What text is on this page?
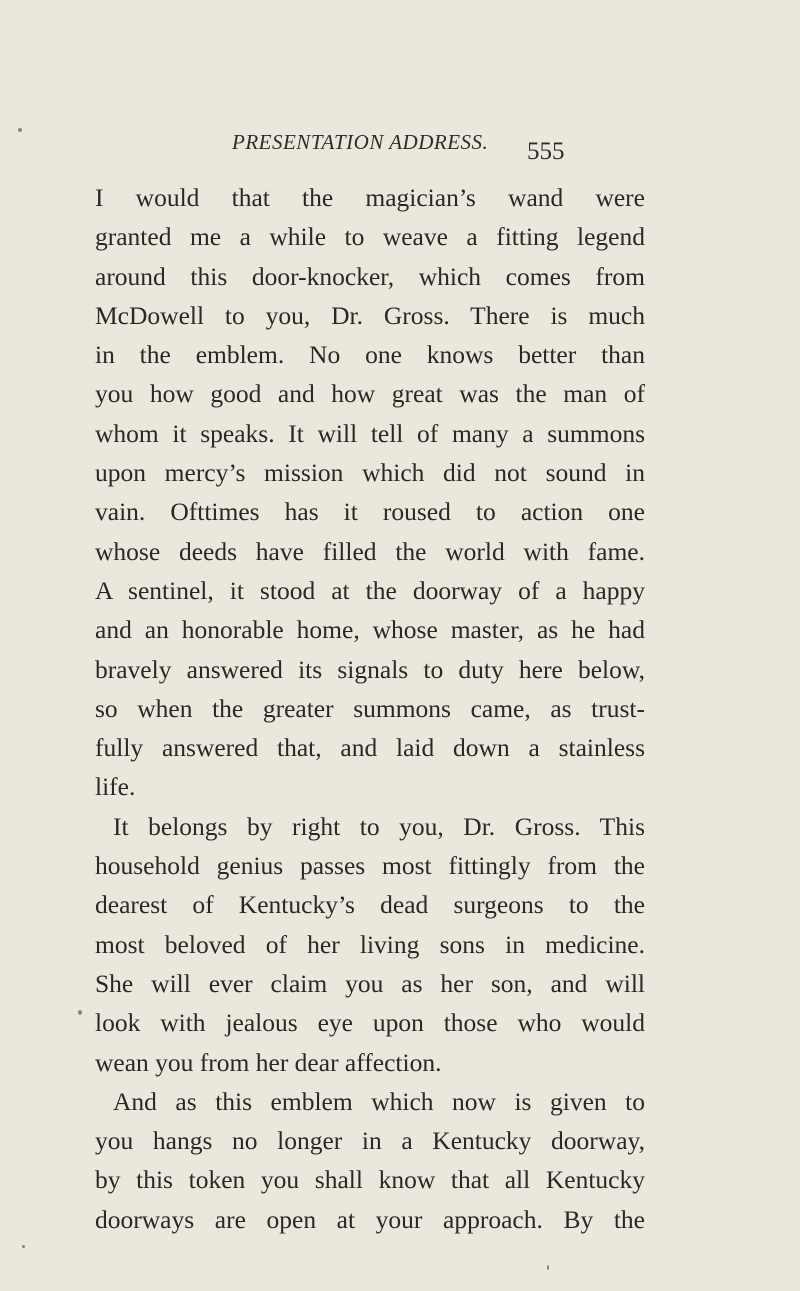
PRESENTATION ADDRESS. 555
I would that the magician’s wand were
granted me a while to weave a fitting legend
around this door-knocker, which comes from
McDowell to you, Dr. Gross. There is much
in the emblem. No one knows better than
you how good and how great was the man of
whom it speaks. It will tell of many a summons
upon mercy’s mission which did not sound in
vain. Ofttimes has it roused to action one
whose deeds have filled the world with fame.
A sentinel, it stood at the doorway of a happy
and an honorable home, whose master, as he had
bravely answered its signals to duty here below,
so when the greater summons came, as trust-
fully answered that, and laid down a stainless
life.
It belongs by right to you, Dr. Gross. This
household genius passes most fittingly from the
dearest of Kentucky’s dead surgeons to the
most beloved of her living sons in medicine.
She will ever claim you as her son, and will
look with jealous eye upon those who would
wean you from her dear affection.
And as this emblem which now is given to
you hangs no longer in a Kentucky doorway,
by this token you shall know that all Kentucky
doorways are open at your approach. By the
